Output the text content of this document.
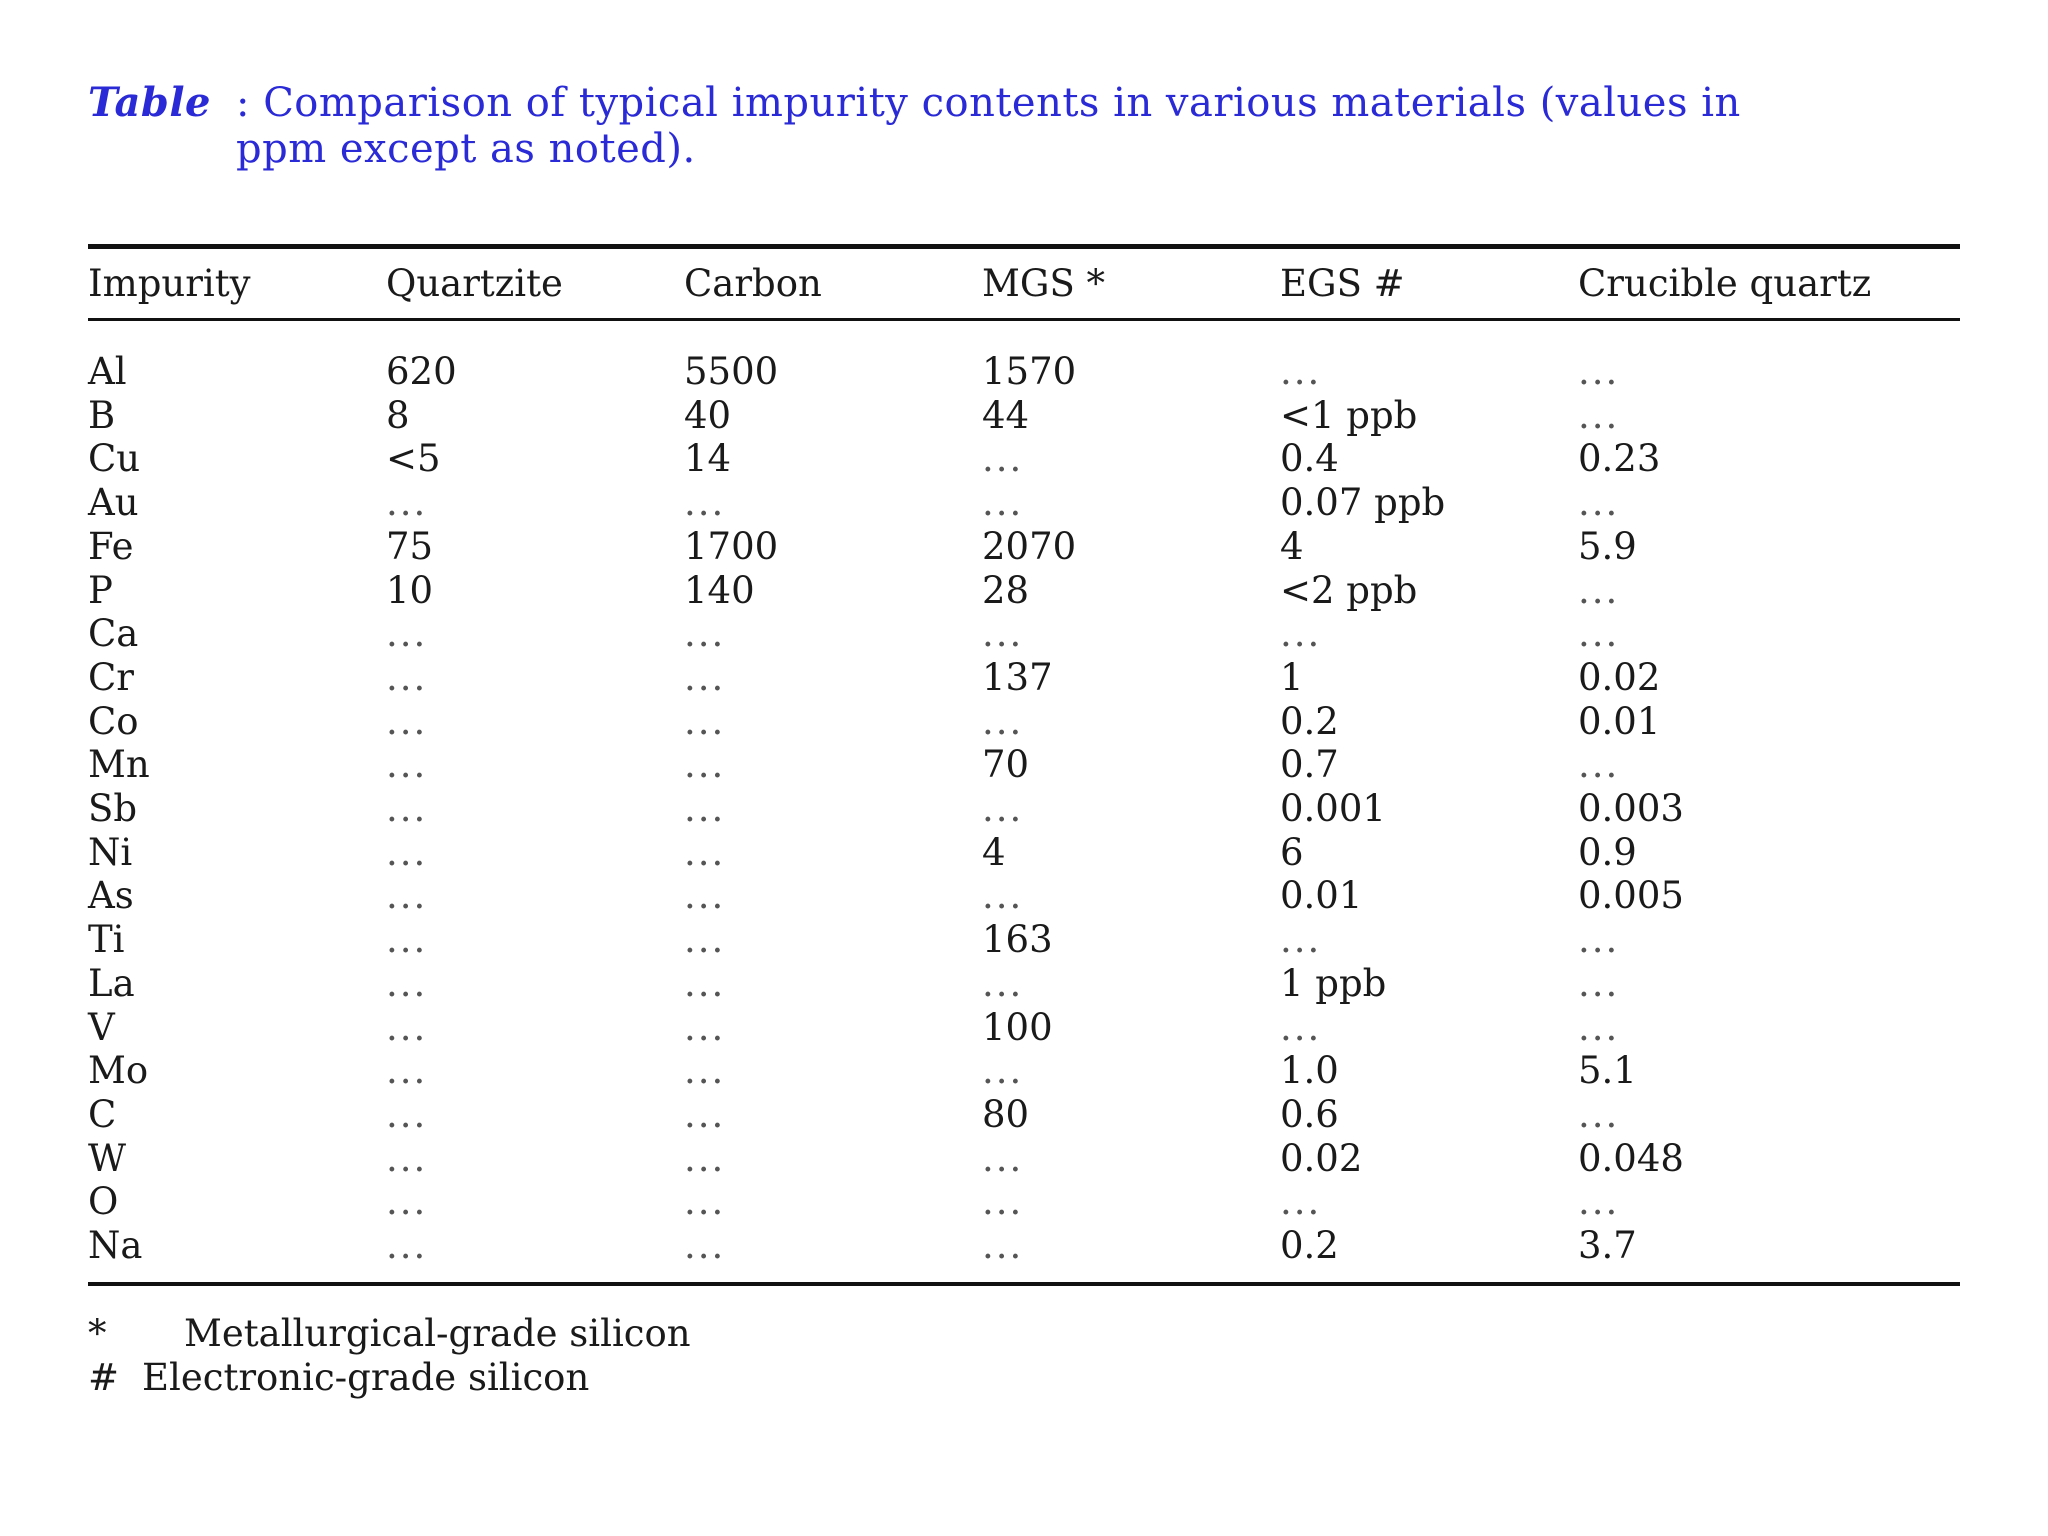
Table : Comparison of typical impurity contents in various materials (values in
ppm except as noted).
Impurity	Quartzite	Carbon	MGS *	EGS #	Crucible quartz
Al	620	5500	1570	...	...
B	8	40	44	<1 ppb	...
Cu	<5	14	...	0.4	0.23
Au	...	...	...	0.07 ppb	...
Fe	75	1700	2070	4	5.9
P	10	140	28	<2 ppb	...
Ca	...	...	...	...	...
Cr	...	...	137	1	0.02
Co	...	...	...	0.2	0.01
Mn	...	...	70	0.7	...
Sb	...	...	...	0.001	0.003
Ni	...	...	4	6	0.9
As	...	...	...	0.01	0.005
Ti	...	...	163	...	...
La	...	...	...	1 ppb	...
V	...	...	100	...	...
Mo	...	...	...	1.0	5.1
C	...	...	80	0.6	...
W	...	...	...	0.02	0.048
O	...	...	...	...	...
Na	...	...	...	0.2	3.7
* Metallurgical-grade silicon
# Electronic-grade silicon
